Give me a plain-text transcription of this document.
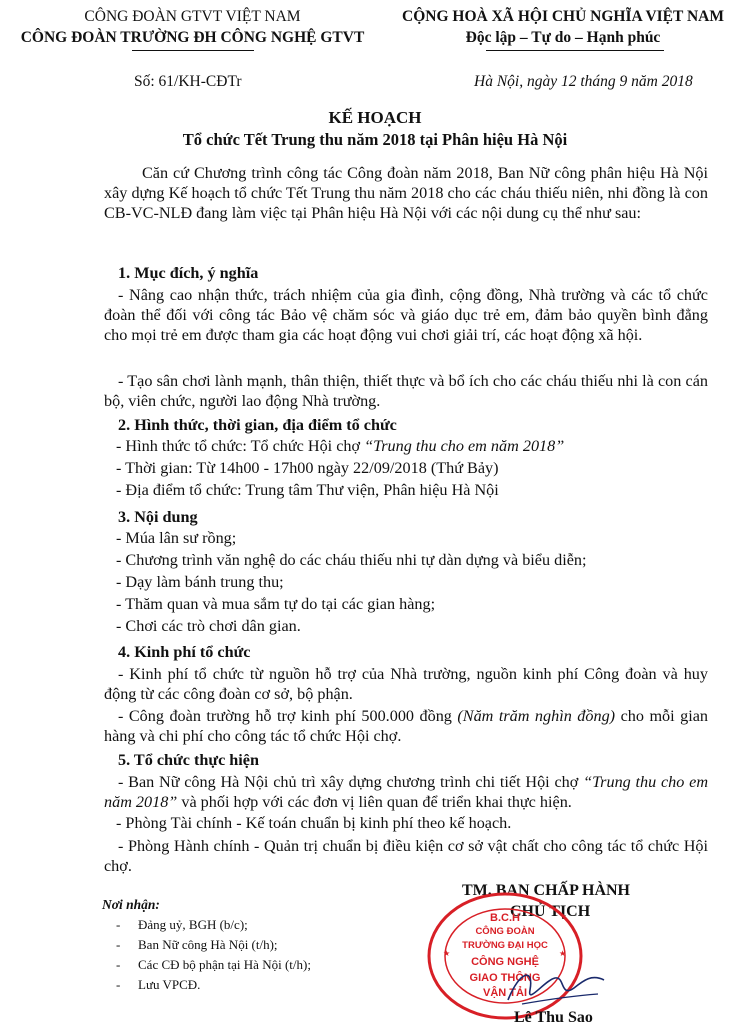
CÔNG ĐOÀN GTVT VIỆT NAM
CÔNG ĐOÀN TRƯỜNG ĐH CÔNG NGHỆ GTVT
CỘNG HOÀ XÃ HỘI CHỦ NGHĨA VIỆT NAM
Độc lập – Tự do – Hạnh phúc
Số: 61/KH-CĐTr	Hà Nội, ngày 12 tháng 9 năm 2018
KẾ HOẠCH
Tổ chức Tết Trung thu năm 2018 tại Phân hiệu Hà Nội
Căn cứ Chương trình công tác Công đoàn năm 2018, Ban Nữ công phân hiệu Hà Nội xây dựng Kế hoạch tổ chức Tết Trung thu năm 2018 cho các cháu thiếu niên, nhi đồng là con CB-VC-NLĐ đang làm việc tại Phân hiệu Hà Nội với các nội dung cụ thể như sau:
1. Mục đích, ý nghĩa
- Nâng cao nhận thức, trách nhiệm của gia đình, cộng đồng, Nhà trường và các tổ chức đoàn thể đối với công tác Bảo vệ chăm sóc và giáo dục trẻ em, đảm bảo quyền bình đẳng cho mọi trẻ em được tham gia các hoạt động vui chơi giải trí, các hoạt động xã hội.
- Tạo sân chơi lành mạnh, thân thiện, thiết thực và bổ ích cho các cháu thiếu nhi là con cán bộ, viên chức, người lao động Nhà trường.
2. Hình thức, thời gian, địa điểm tổ chức
- Hình thức tổ chức: Tổ chức Hội chợ “Trung thu cho em năm 2018”
- Thời gian: Từ 14h00 - 17h00 ngày 22/09/2018 (Thứ Bảy)
- Địa điểm tổ chức: Trung tâm Thư viện, Phân hiệu Hà Nội
3. Nội dung
- Múa lân sư rồng;
- Chương trình văn nghệ do các cháu thiếu nhi tự dàn dựng và biểu diễn;
- Dạy làm bánh trung thu;
- Thăm quan và mua sắm tự do tại các gian hàng;
- Chơi các trò chơi dân gian.
4. Kinh phí tổ chức
- Kinh phí tổ chức từ nguồn hỗ trợ của Nhà trường, nguồn kinh phí Công đoàn và huy động từ các công đoàn cơ sở, bộ phận.
- Công đoàn trường hỗ trợ kinh phí 500.000 đồng (Năm trăm nghìn đồng) cho mỗi gian hàng và chi phí cho công tác tổ chức Hội chợ.
5. Tổ chức thực hiện
- Ban Nữ công Hà Nội chủ trì xây dựng chương trình chi tiết Hội chợ “Trung thu cho em năm 2018” và phối hợp với các đơn vị liên quan để triển khai thực hiện.
- Phòng Tài chính - Kế toán chuẩn bị kinh phí theo kế hoạch.
- Phòng Hành chính - Quản trị chuẩn bị điều kiện cơ sở vật chất cho công tác tổ chức Hội chợ.
Nơi nhận:
- Đảng uỷ, BGH (b/c);
- Ban Nữ công Hà Nội (t/h);
- Các CĐ bộ phận tại Hà Nội (t/h);
- Lưu VPCĐ.
TM. BAN CHẤP HÀNH
CHỦ TỊCH
B.C.H
CÔNG ĐOÀN
TRƯỜNG ĐẠI HỌC
CÔNG NGHỆ
GIAO THÔNG
VẬN TẢI
★	★
Lê Thu Sao
